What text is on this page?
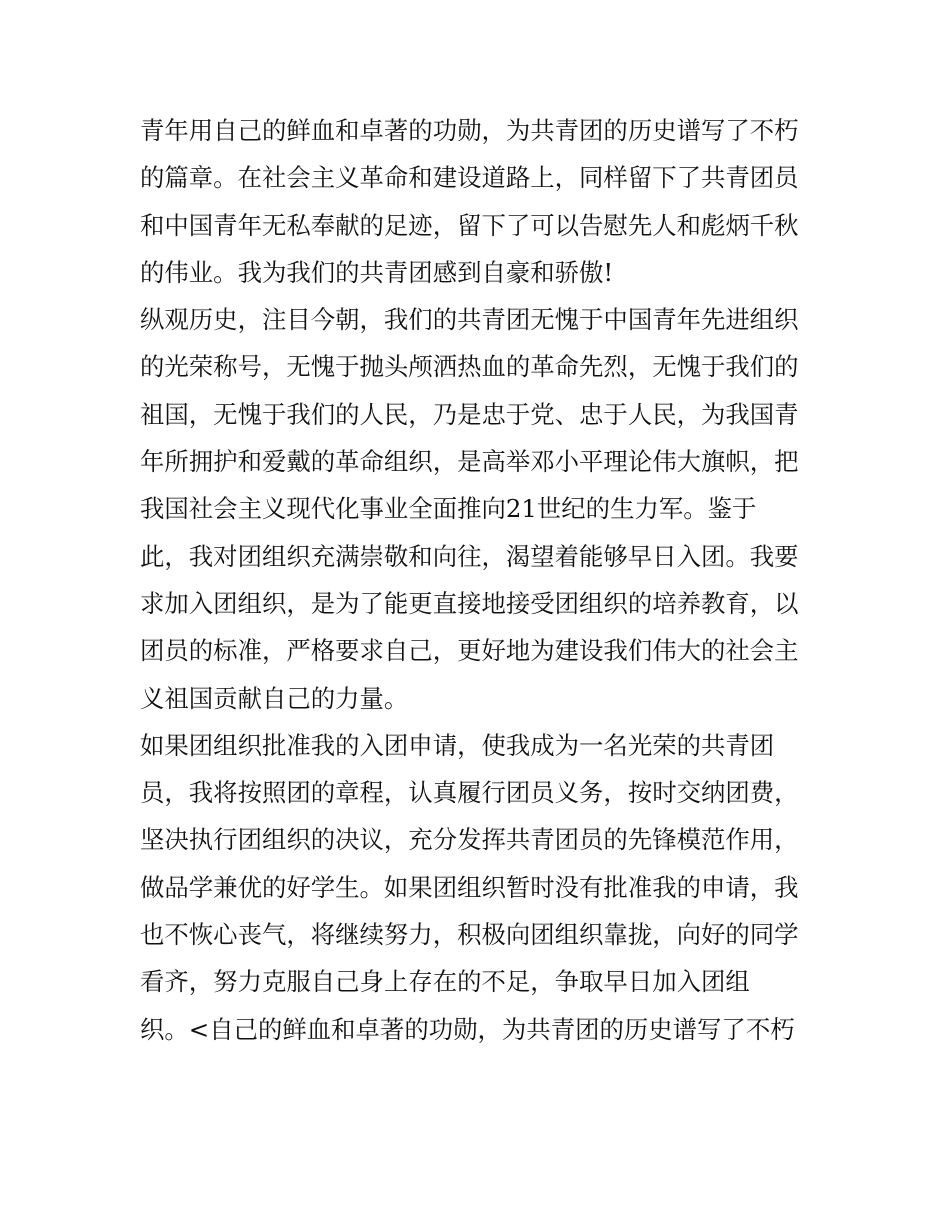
青年用自己的鲜血和卓著的功勋，为共青团的历史谱写了不朽
的篇章。在社会主义革命和建设道路上，同样留下了共青团员
和中国青年无私奉献的足迹，留下了可以告慰先人和彪炳千秋
的伟业。我为我们的共青团感到自豪和骄傲!
纵观历史，注目今朝，我们的共青团无愧于中国青年先进组织
的光荣称号，无愧于抛头颅洒热血的革命先烈，无愧于我们的
祖国，无愧于我们的人民，乃是忠于党、忠于人民，为我国青
年所拥护和爱戴的革命组织，是高举邓小平理论伟大旗帜，把
我国社会主义现代化事业全面推向21世纪的生力军。鉴于
此，我对团组织充满崇敬和向往，渴望着能够早日入团。我要
求加入团组织，是为了能更直接地接受团组织的培养教育，以
团员的标准，严格要求自己，更好地为建设我们伟大的社会主
义祖国贡献自己的力量。
如果团组织批准我的入团申请，使我成为一名光荣的共青团
员，我将按照团的章程，认真履行团员义务，按时交纳团费，
坚决执行团组织的决议，充分发挥共青团员的先锋模范作用，
做品学兼优的好学生。如果团组织暂时没有批准我的申请，我
也不恢心丧气，将继续努力，积极向团组织靠拢，向好的同学
看齐，努力克服自己身上存在的不足，争取早日加入团组
织。<自己的鲜血和卓著的功勋，为共青团的历史谱写了不朽
